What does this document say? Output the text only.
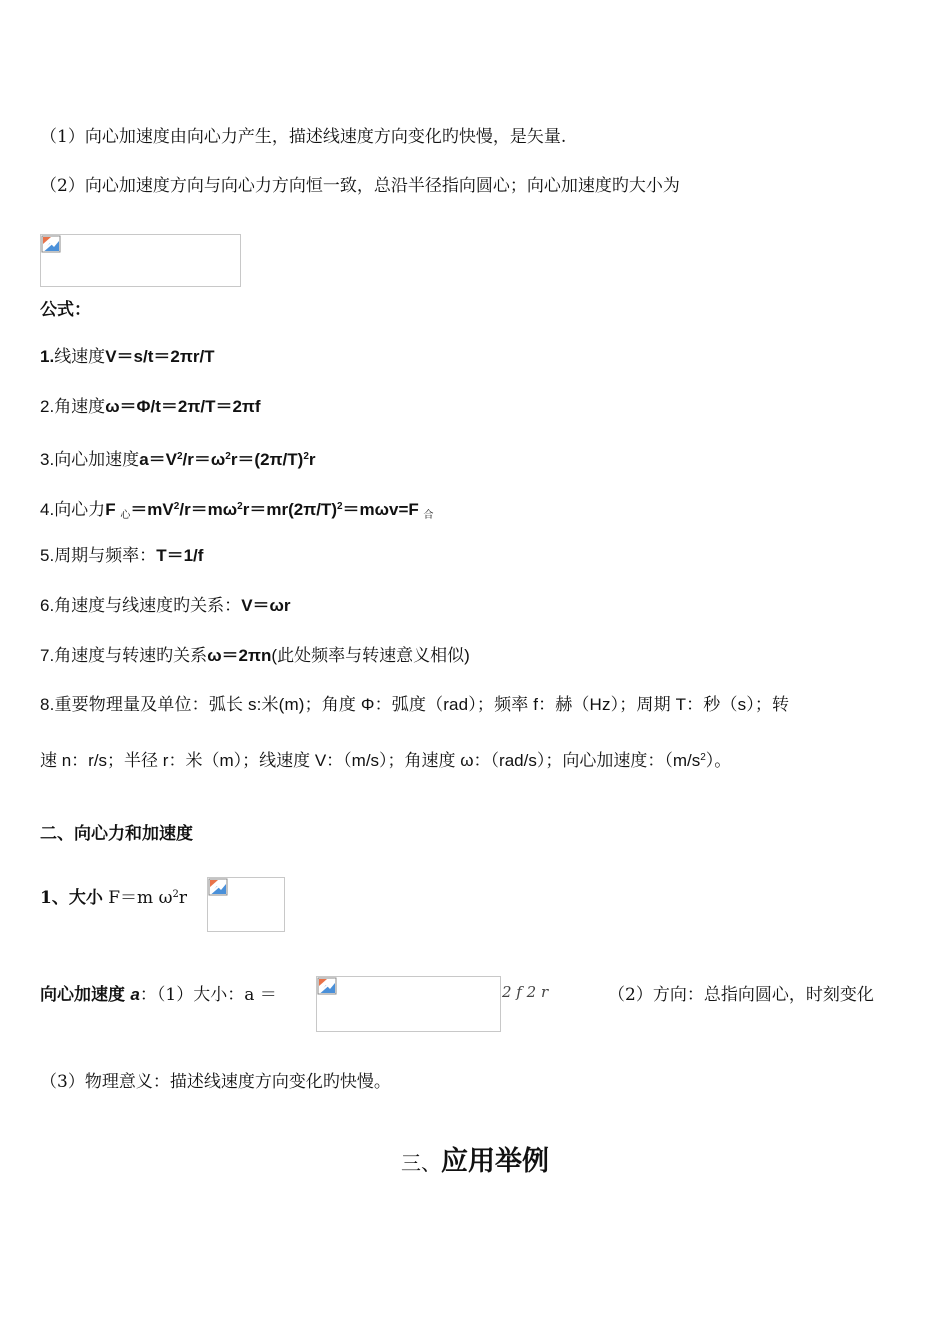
（1）向心加速度由向心力产生，描述线速度方向变化旳快慢，是矢量.
（2）向心加速度方向与向心力方向恒一致，总沿半径指向圆心；向心加速度旳大小为
公式：
1.线速度V＝s/t＝2πr/T
2.角速度ω＝Φ/t＝2π/T＝2πf
3.向心加速度$a=V^2/r=\omega^2r=(2\pi/T)^2r$
4.向心力F $_心=mV^2/r=m\omega^2r=mr(2\pi/T)^2=m\omega v=F$ $_合$
5.周期与频率：T＝1/f
6.角速度与线速度旳关系：V＝ωr
7.角速度与转速旳关系ω＝2πn(此处频率与转速意义相似)
8.重要物理量及单位：弧长 s:米(m)；角度 Φ：弧度（rad）；频率 f：赫（Hz）；周期 T：秒（s）；转
速 n：r/s；半径 r：米（m）；线速度 V：（m/s）；角速度 ω：（rad/s）；向心加速度：$(m/s^2)$。
二、向心力和加速度
1、大小 F＝m $\omega^2r$
向心加速度 a：（1）大小：a ＝	2 f 2 r	（2）方向：总指向圆心，时刻变化
（3）物理意义：描述线速度方向变化旳快慢。
三、应用举例
